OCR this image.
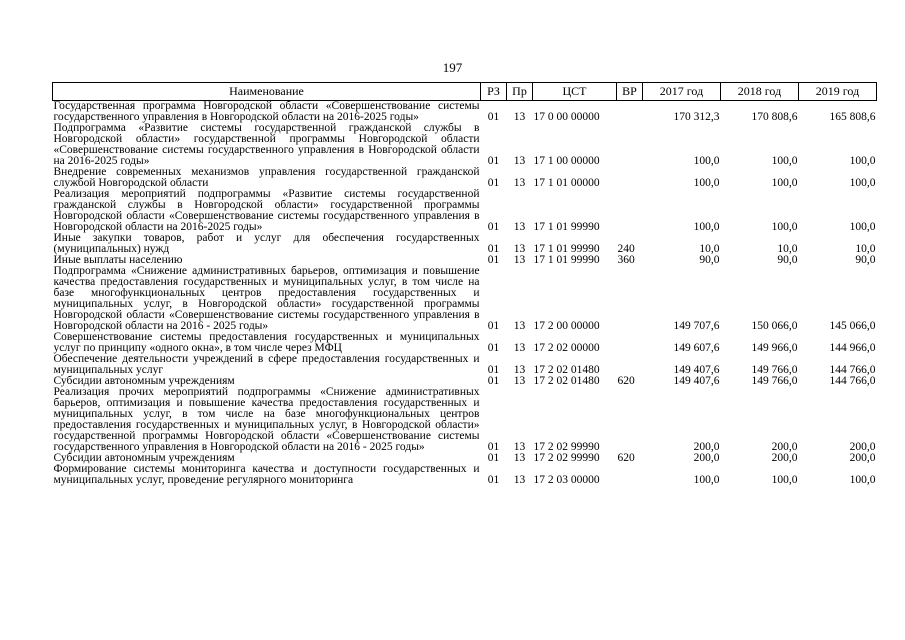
197
Наименование	РЗ	Пр	ЦСТ	ВР	2017 год	2018 год	2019 год
Государственная программа Новгородской области «Совершенствование системы государственного управления в Новгородской области на 2016-2025 годы»	01	13	17 0 00 00000		170 312,3	170 808,6	165 808,6
Подпрограмма «Развитие системы государственной гражданской службы в Новгородской области» государственной программы Новгородской области «Совершенствование системы государственного управления в Новгородской области на 2016-2025 годы»	01	13	17 1 00 00000		100,0	100,0	100,0
Внедрение современных механизмов управления государственной гражданской службой Новгородской области	01	13	17 1 01 00000		100,0	100,0	100,0
Реализация мероприятий подпрограммы «Развитие системы государственной гражданской службы в Новгородской области» государственной программы Новгородской области «Совершенствование системы государственного управления в Новгородской области на 2016-2025 годы»	01	13	17 1 01 99990		100,0	100,0	100,0
Иные закупки товаров, работ и услуг для обеспечения государственных (муниципальных) нужд	01	13	17 1 01 99990	240	10,0	10,0	10,0
Иные выплаты населению	01	13	17 1 01 99990	360	90,0	90,0	90,0
Подпрограмма «Снижение административных барьеров, оптимизация и повышение качества предоставления государственных и муниципальных услуг, в том числе на базе многофункциональных центров предоставления государственных и муниципальных услуг, в Новгородской области» государственной программы Новгородской области «Совершенствование системы государственного управления в Новгородской области на 2016 - 2025 годы»	01	13	17 2 00 00000		149 707,6	150 066,0	145 066,0
Совершенствование системы предоставления государственных и муниципальных услуг по принципу «одного окна», в том числе через МФЦ	01	13	17 2 02 00000		149 607,6	149 966,0	144 966,0
Обеспечение деятельности учреждений в сфере предоставления государственных и муниципальных услуг	01	13	17 2 02 01480		149 407,6	149 766,0	144 766,0
Субсидии автономным учреждениям	01	13	17 2 02 01480	620	149 407,6	149 766,0	144 766,0
Реализация прочих мероприятий подпрограммы «Снижение административных барьеров, оптимизация и повышение качества предоставления государственных и муниципальных услуг, в том числе на базе многофункциональных центров предоставления государственных и муниципальных услуг, в Новгородской области» государственной программы Новгородской области «Совершенствование системы государственного управления в Новгородской области на 2016 - 2025 годы»	01	13	17 2 02 99990		200,0	200,0	200,0
Субсидии автономным учреждениям	01	13	17 2 02 99990	620	200,0	200,0	200,0
Формирование системы мониторинга качества и доступности государственных и муниципальных услуг, проведение регулярного мониторинга	01	13	17 2 03 00000		100,0	100,0	100,0
